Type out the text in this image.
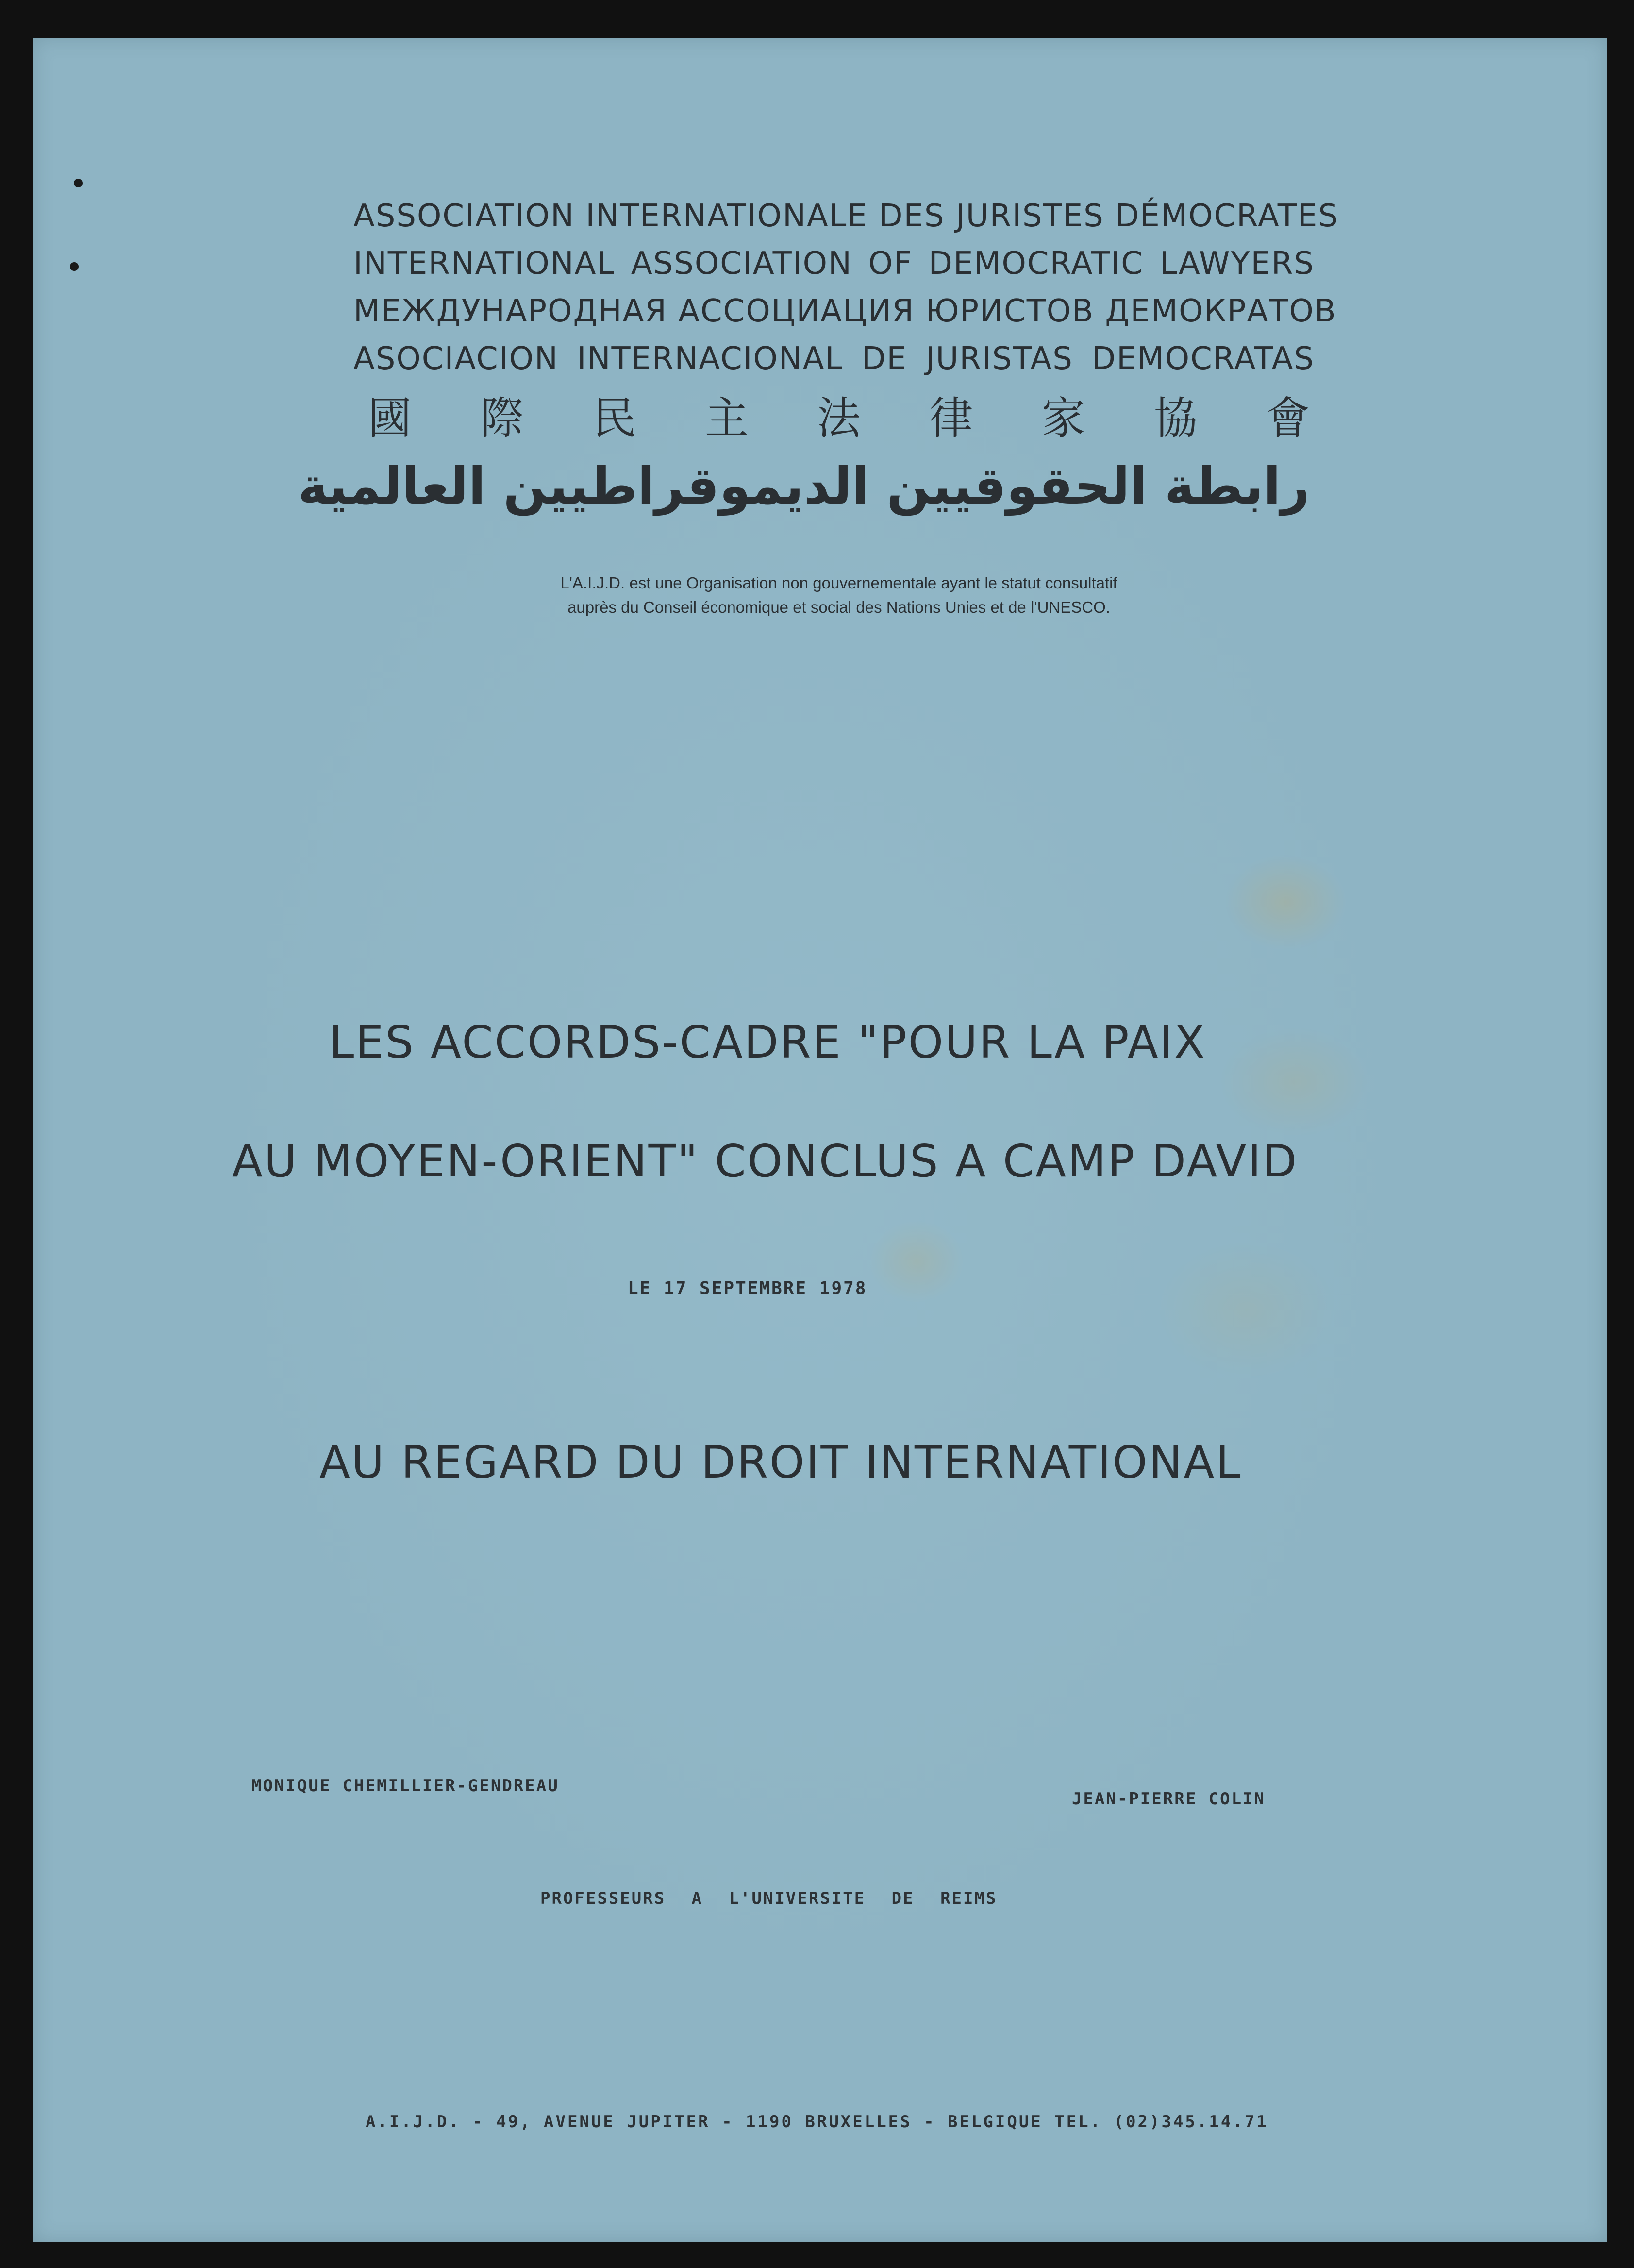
ASSOCIATION INTERNATIONALE DES JURISTES DÉMOCRATES
INTERNATIONAL ASSOCIATION OF DEMOCRATIC LAWYERS
МЕЖДУНАРОДНАЯ АССОЦИАЦИЯ ЮРИСТОВ ДЕМОКРАТОВ
ASOCIACION INTERNACIONAL DE JURISTAS DEMOCRATAS
國 際 民 主 法 律 家 協 會
رابطة الحقوقيين الديموقراطيين العالمية
L'A.I.J.D. est une Organisation non gouvernementale ayant le statut consultatif
auprès du Conseil économique et social des Nations Unies et de l'UNESCO.
LES ACCORDS-CADRE "POUR LA PAIX
AU MOYEN-ORIENT" CONCLUS A CAMP DAVID
LE 17 SEPTEMBRE 1978
AU REGARD DU DROIT INTERNATIONAL
MONIQUE CHEMILLIER-GENDREAU
JEAN-PIERRE COLIN
PROFESSEURS A L'UNIVERSITE DE REIMS
A.I.J.D. - 49, AVENUE JUPITER - 1190 BRUXELLES - BELGIQUE TEL. (02)345.14.71
